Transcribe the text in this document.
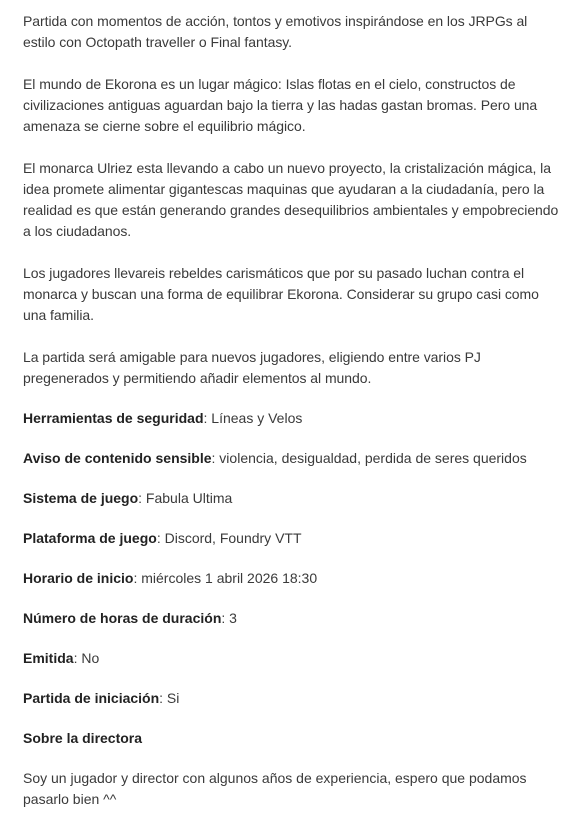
Partida con momentos de acción, tontos y emotivos inspirándose en los JRPGs al estilo con Octopath traveller o Final fantasy.

El mundo de Ekorona es un lugar mágico: Islas flotas en el cielo, constructos de civilizaciones antiguas aguardan bajo la tierra y las hadas gastan bromas. Pero una amenaza se cierne sobre el equilibrio mágico.

El monarca Ulriez esta llevando a cabo un nuevo proyecto, la cristalización mágica, la idea promete alimentar gigantescas maquinas que ayudaran a la ciudadanía, pero la realidad es que están generando grandes desequilibrios ambientales y empobreciendo a los ciudadanos.

Los jugadores llevareis rebeldes carismáticos que por su pasado luchan contra el monarca y buscan una forma de equilibrar Ekorona. Considerar su grupo casi como una familia.

La partida será amigable para nuevos jugadores, eligiendo entre varios PJ pregenerados y permitiendo añadir elementos al mundo.

Herramientas de seguridad: Líneas y Velos

Aviso de contenido sensible: violencia, desigualdad, perdida de seres queridos

Sistema de juego: Fabula Ultima

Plataforma de juego: Discord, Foundry VTT

Horario de inicio: miércoles 1 abril 2026 18:30

Número de horas de duración: 3

Emitida: No

Partida de iniciación: Si

Sobre la directora

Soy un jugador y director con algunos años de experiencia, espero que podamos pasarlo bien ^^
